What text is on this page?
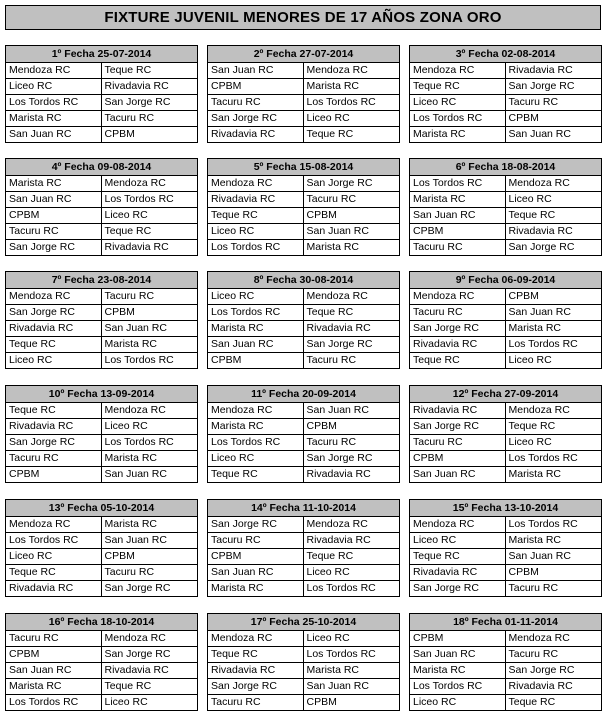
FIXTURE JUVENIL MENORES DE 17 AÑOS ZONA ORO
1º Fecha 25-07-2014
Mendoza RC	Teque RC
Liceo RC	Rivadavia RC
Los Tordos RC	San Jorge RC
Marista RC	Tacuru RC
San Juan RC	CPBM
2º Fecha 27-07-2014
San Juan RC	Mendoza RC
CPBM	Marista RC
Tacuru RC	Los Tordos RC
San Jorge RC	Liceo RC
Rivadavia RC	Teque RC
3º Fecha 02-08-2014
Mendoza RC	Rivadavia RC
Teque RC	San Jorge RC
Liceo RC	Tacuru RC
Los Tordos RC	CPBM
Marista RC	San Juan RC
4º Fecha 09-08-2014
Marista RC	Mendoza RC
San Juan RC	Los Tordos RC
CPBM	Liceo RC
Tacuru RC	Teque RC
San Jorge RC	Rivadavia RC
5º Fecha 15-08-2014
Mendoza RC	San Jorge RC
Rivadavia RC	Tacuru RC
Teque RC	CPBM
Liceo RC	San Juan RC
Los Tordos RC	Marista RC
6º Fecha 18-08-2014
Los Tordos RC	Mendoza RC
Marista RC	Liceo RC
San Juan RC	Teque RC
CPBM	Rivadavia RC
Tacuru RC	San Jorge RC
7º Fecha 23-08-2014
Mendoza RC	Tacuru RC
San Jorge RC	CPBM
Rivadavia RC	San Juan RC
Teque RC	Marista RC
Liceo RC	Los Tordos RC
8º Fecha 30-08-2014
Liceo RC	Mendoza RC
Los Tordos RC	Teque RC
Marista RC	Rivadavia RC
San Juan RC	San Jorge RC
CPBM	Tacuru RC
9º Fecha 06-09-2014
Mendoza RC	CPBM
Tacuru RC	San Juan RC
San Jorge RC	Marista RC
Rivadavia RC	Los Tordos RC
Teque RC	Liceo RC
10º Fecha 13-09-2014
Teque RC	Mendoza RC
Rivadavia RC	Liceo RC
San Jorge RC	Los Tordos RC
Tacuru RC	Marista RC
CPBM	San Juan RC
11º Fecha 20-09-2014
Mendoza RC	San Juan RC
Marista RC	CPBM
Los Tordos RC	Tacuru RC
Liceo RC	San Jorge RC
Teque RC	Rivadavia RC
12º Fecha 27-09-2014
Rivadavia RC	Mendoza RC
San Jorge RC	Teque RC
Tacuru RC	Liceo RC
CPBM	Los Tordos RC
San Juan RC	Marista RC
13º Fecha 05-10-2014
Mendoza RC	Marista RC
Los Tordos RC	San Juan RC
Liceo RC	CPBM
Teque RC	Tacuru RC
Rivadavia RC	San Jorge RC
14º Fecha 11-10-2014
San Jorge RC	Mendoza RC
Tacuru RC	Rivadavia RC
CPBM	Teque RC
San Juan RC	Liceo RC
Marista RC	Los Tordos RC
15º Fecha 13-10-2014
Mendoza RC	Los Tordos RC
Liceo RC	Marista RC
Teque RC	San Juan RC
Rivadavia RC	CPBM
San Jorge RC	Tacuru RC
16º Fecha 18-10-2014
Tacuru RC	Mendoza RC
CPBM	San Jorge RC
San Juan RC	Rivadavia RC
Marista RC	Teque RC
Los Tordos RC	Liceo RC
17º Fecha 25-10-2014
Mendoza RC	Liceo RC
Teque RC	Los Tordos RC
Rivadavia RC	Marista RC
San Jorge RC	San Juan RC
Tacuru RC	CPBM
18º Fecha 01-11-2014
CPBM	Mendoza RC
San Juan RC	Tacuru RC
Marista RC	San Jorge RC
Los Tordos RC	Rivadavia RC
Liceo RC	Teque RC
